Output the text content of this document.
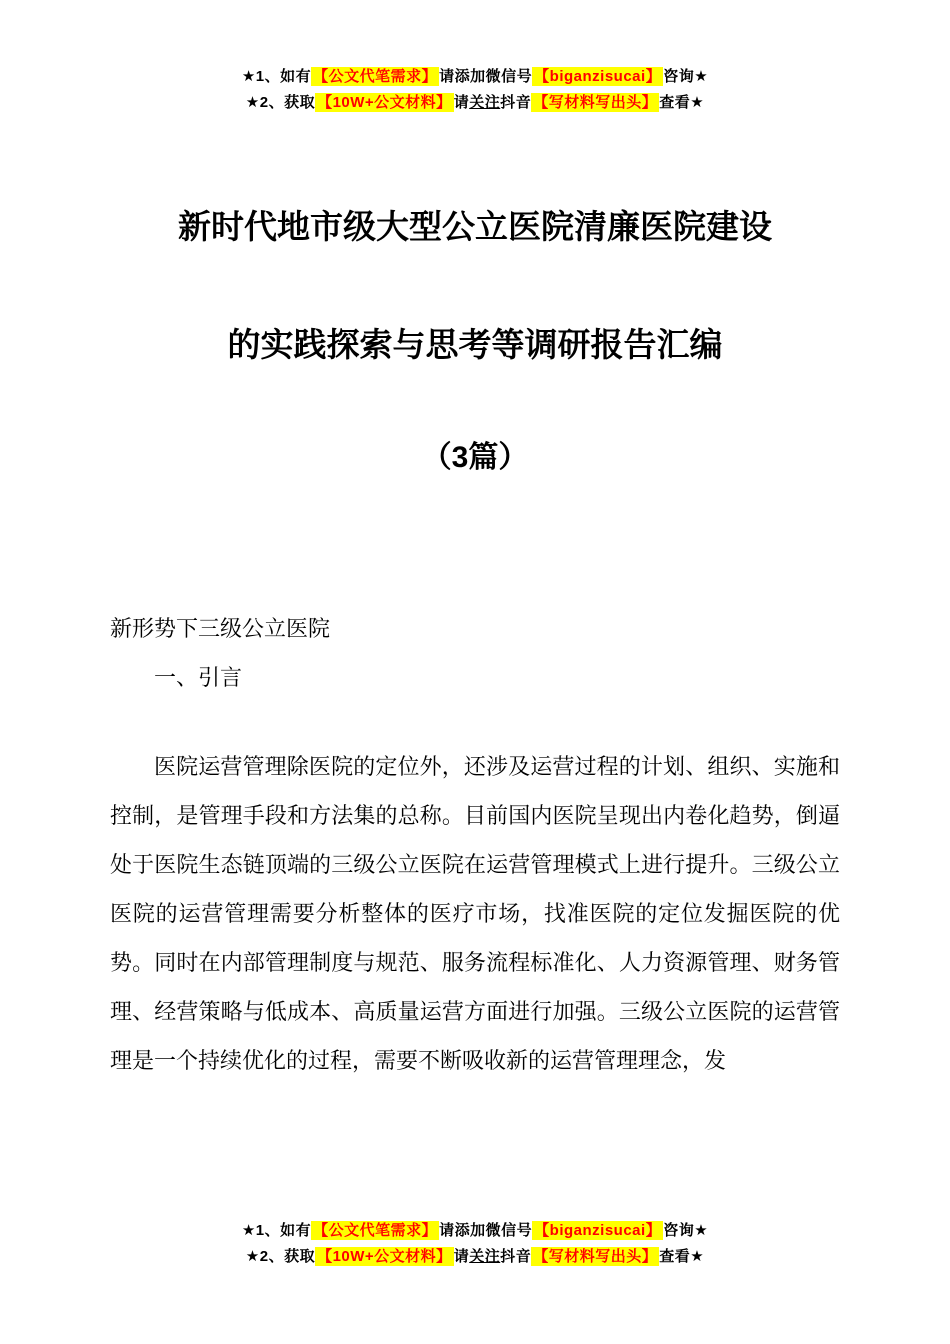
★1、如有 【公文代笔需求】 请添加微信号 【biganzisucai】 咨询★
★2、获取 【10W+公文材料】 请关注抖音 【写材料写出头】 查看★
新时代地市级大型公立医院清廉医院建设
的实践探索与思考等调研报告汇编
（3篇）
新形势下三级公立医院
一、引言
医院运营管理除医院的定位外，还涉及运营过程的计划、组织、实施和控制，是管理手段和方法集的总称。目前国内医院呈现出内卷化趋势，倒逼处于医院生态链顶端的三级公立医院在运营管理模式上进行提升。三级公立医院的运营管理需要分析整体的医疗市场，找准医院的定位发掘医院的优势。同时在内部管理制度与规范、服务流程标准化、人力资源管理、财务管理、经营策略与低成本、高质量运营方面进行加强。三级公立医院的运营管理是一个持续优化的过程，需要不断吸收新的运营管理理念，发
★1、如有 【公文代笔需求】 请添加微信号 【biganzisucai】 咨询★
★2、获取 【10W+公文材料】 请关注抖音 【写材料写出头】 查看★
